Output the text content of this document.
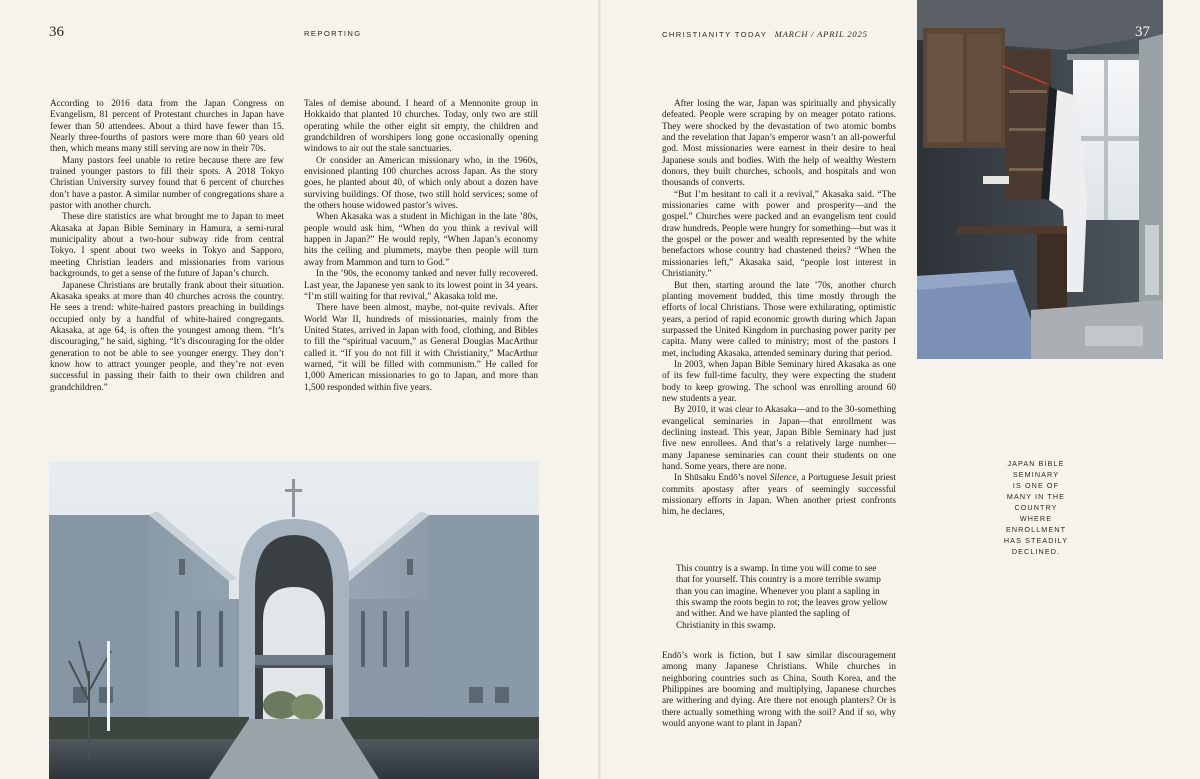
36	REPORTING

According to 2016 data from the Japan Congress on Evangelism, 81 percent of Protestant churches in Japan have fewer than 50 attendees. About a third have fewer than 15. Nearly three-fourths of pastors were more than 60 years old then, which means many still serving are now in their 70s.

Many pastors feel unable to retire because there are few trained younger pastors to fill their spots. A 2018 Tokyo Christian University survey found that 6 percent of churches don’t have a pastor. A similar number of congregations share a pastor with another church.

These dire statistics are what brought me to Japan to meet Akasaka at Japan Bible Seminary in Hamura, a semi-rural municipality about a two-hour subway ride from central Tokyo. I spent about two weeks in Tokyo and Sapporo, meeting Christian leaders and missionaries from various backgrounds, to get a sense of the future of Japan’s church.

Japanese Christians are brutally frank about their situation. Akasaka speaks at more than 40 churches across the country. He sees a trend: white-haired pastors preaching in buildings occupied only by a handful of white-haired congregants. Akasaka, at age 64, is often the youngest among them. “It’s discouraging,” he said, sighing. “It’s discouraging for the older generation to not be able to see younger energy. They don’t know how to attract younger people, and they’re not even successful in passing their faith to their own children and grandchildren.”

Tales of demise abound. I heard of a Mennonite group in Hokkaido that planted 10 churches. Today, only two are still operating while the other eight sit empty, the children and grandchildren of worshipers long gone occasionally opening windows to air out the stale sanctuaries.

Or consider an American missionary who, in the 1960s, envisioned planting 100 churches across Japan. As the story goes, he planted about 40, of which only about a dozen have surviving buildings. Of those, two still hold services; some of the others house widowed pastor’s wives.

When Akasaka was a student in Michigan in the late ’80s, people would ask him, “When do you think a revival will happen in Japan?” He would reply, “When Japan’s economy hits the ceiling and plummets, maybe then people will turn away from Mammon and turn to God.”

In the ’90s, the economy tanked and never fully recovered. Last year, the Japanese yen sank to its lowest point in 34 years. “I’m still waiting for that revival,” Akasaka told me.

There have been almost, maybe, not-quite revivals. After World War II, hundreds of missionaries, mainly from the United States, arrived in Japan with food, clothing, and Bibles to fill the “spiritual vacuum,” as General Douglas MacArthur called it. “If you do not fill it with Christianity,” MacArthur warned, “it will be filled with communism.” He called for 1,000 American missionaries to go to Japan, and more than 1,500 responded within five years.

CHRISTIANITY TODAY MARCH / APRIL 2025	37

After losing the war, Japan was spiritually and physically defeated. People were scraping by on meager potato rations. They were shocked by the devastation of two atomic bombs and the revelation that Japan’s emperor wasn’t an all-powerful god. Most missionaries were earnest in their desire to heal Japanese souls and bodies. With the help of wealthy Western donors, they built churches, schools, and hospitals and won thousands of converts.

“But I’m hesitant to call it a revival,” Akasaka said. “The missionaries came with power and prosperity—and the gospel.” Churches were packed and an evangelism tent could draw hundreds. People were hungry for something—but was it the gospel or the power and wealth represented by the white benefactors whose country had chastened theirs? “When the missionaries left,” Akasaka said, “people lost interest in Christianity.”

But then, starting around the late ’70s, another church planting movement budded, this time mostly through the efforts of local Christians. Those were exhilarating, optimistic years, a period of rapid economic growth during which Japan surpassed the United Kingdom in purchasing power parity per capita. Many were called to ministry; most of the pastors I met, including Akasaka, attended seminary during that period.

In 2003, when Japan Bible Seminary hired Akasaka as one of its few full-time faculty, they were expecting the student body to keep growing. The school was enrolling around 60 new students a year.

By 2010, it was clear to Akasaka—and to the 30-something evangelical seminaries in Japan—that enrollment was declining instead. This year, Japan Bible Seminary had just five new enrollees. And that’s a relatively large number—many Japanese seminaries can count their students on one hand. Some years, there are none.

In Shūsaku Endō’s novel Silence, a Portuguese Jesuit priest commits apostasy after years of seemingly successful missionary efforts in Japan. When another priest confronts him, he declares,

This country is a swamp. In time you will come to see that for yourself. This country is a more terrible swamp than you can imagine. Whenever you plant a sapling in this swamp the roots begin to rot; the leaves grow yellow and wither. And we have planted the sapling of Christianity in this swamp.

Endō’s work is fiction, but I saw similar discouragement among many Japanese Christians. While churches in neighboring countries such as China, South Korea, and the Philippines are booming and multiplying, Japanese churches are withering and dying. Are there not enough planters? Or is there actually something wrong with the soil? And if so, why would anyone want to plant in Japan?

JAPAN BIBLE
SEMINARY
IS ONE OF
MANY IN THE
COUNTRY
WHERE
ENROLLMENT
HAS STEADILY
DECLINED.
